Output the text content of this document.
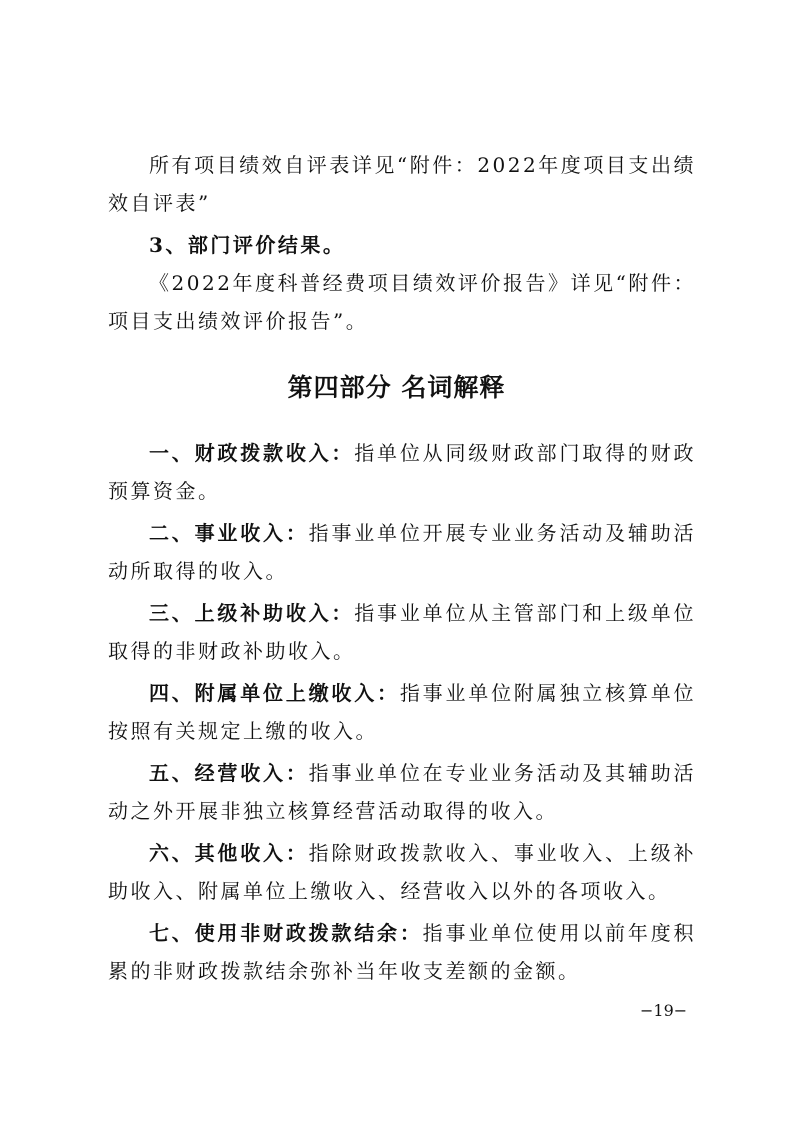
所有项目绩效自评表详见“附件：2022年度项目支出绩效自评表”

3、部门评价结果。

《2022年度科普经费项目绩效评价报告》详见“附件：项目支出绩效评价报告”。

第四部分 名词解释

一、财政拨款收入：指单位从同级财政部门取得的财政预算资金。

二、事业收入：指事业单位开展专业业务活动及辅助活动所取得的收入。

三、上级补助收入：指事业单位从主管部门和上级单位取得的非财政补助收入。

四、附属单位上缴收入：指事业单位附属独立核算单位按照有关规定上缴的收入。

五、经营收入：指事业单位在专业业务活动及其辅助活动之外开展非独立核算经营活动取得的收入。

六、其他收入：指除财政拨款收入、事业收入、上级补助收入、附属单位上缴收入、经营收入以外的各项收入。

七、使用非财政拨款结余：指事业单位使用以前年度积累的非财政拨款结余弥补当年收支差额的金额。

−19−
